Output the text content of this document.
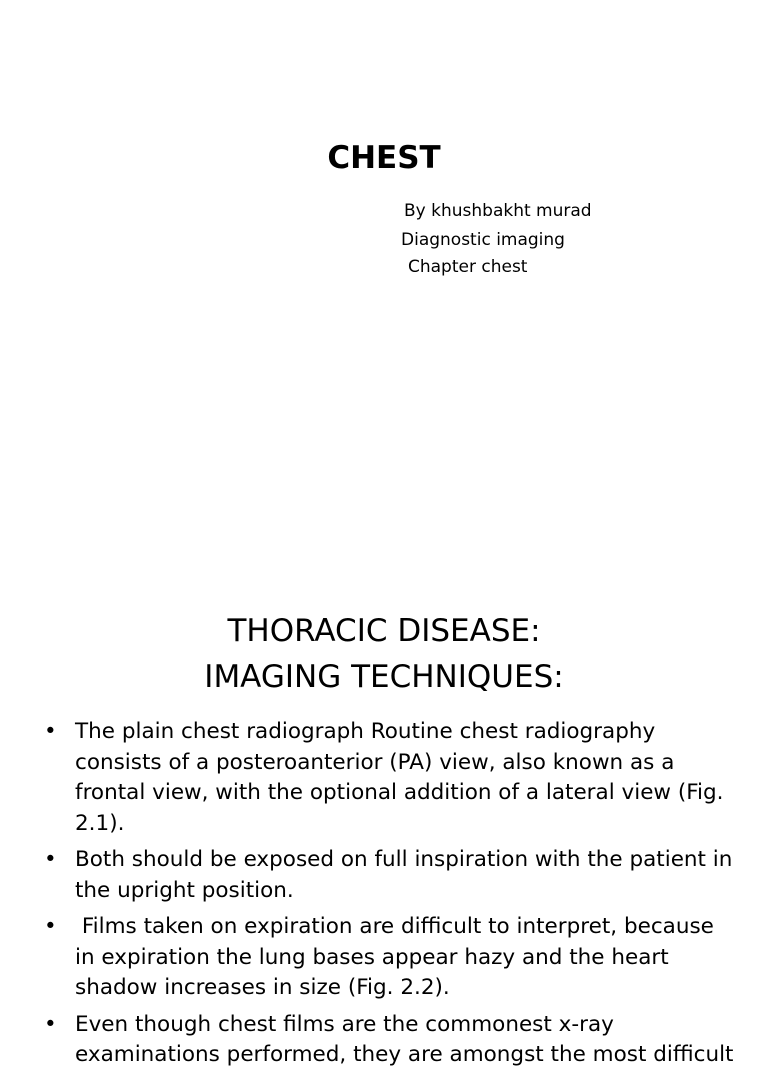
CHEST
By khushbakht murad
Diagnostic imaging
Chapter chest
THORACIC DISEASE:
IMAGING TECHNIQUES:
• The plain chest radiograph Routine chest radiography consists of a posteroanterior (PA) view, also known as a frontal view, with the optional addition of a lateral view (Fig. 2.1).
• Both should be exposed on full inspiration with the patient in the upright position.
• Films taken on expiration are difficult to interpret, because in expiration the lung bases appear hazy and the heart shadow increases in size (Fig. 2.2).
• Even though chest films are the commonest x-ray examinations performed, they are amongst the most difficult
